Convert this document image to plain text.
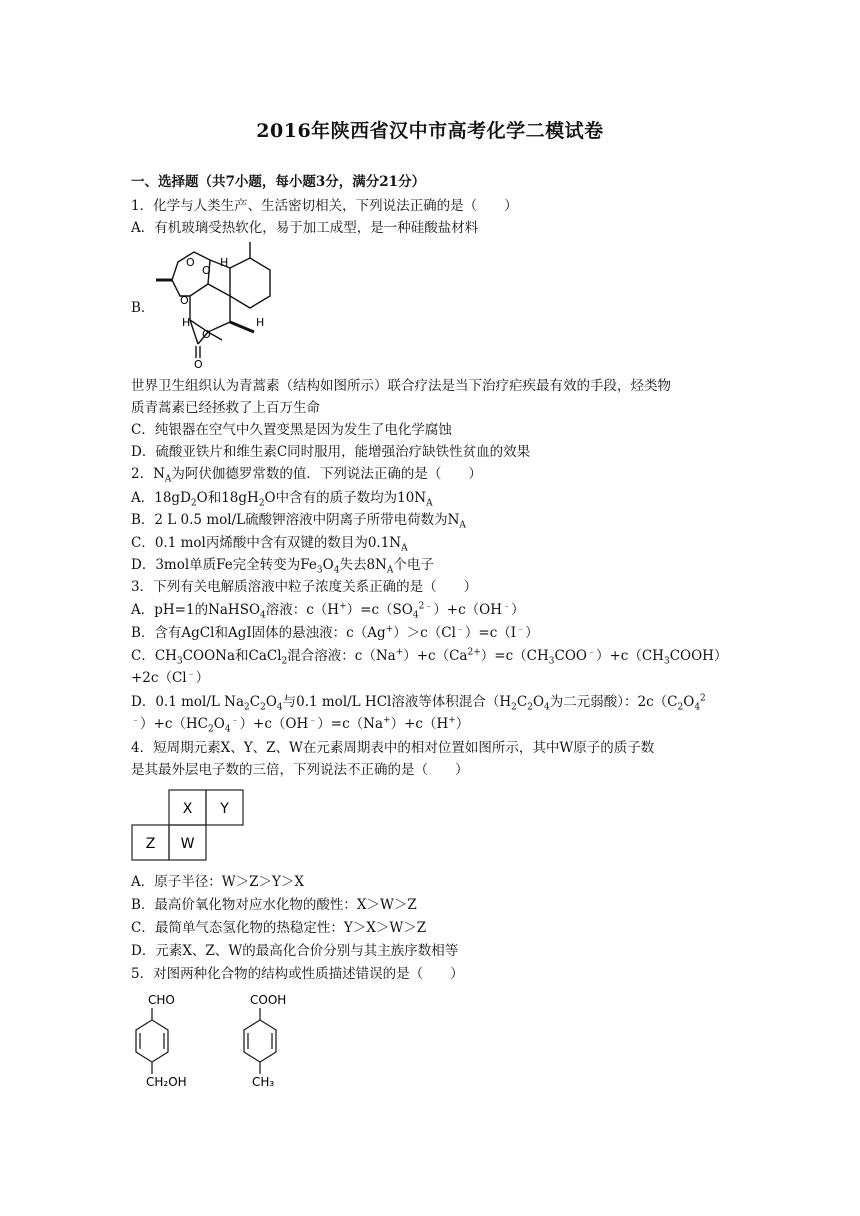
2016年陕西省汉中市高考化学二模试卷
一、选择题（共7小题，每小题3分，满分21分）
1．化学与人类生产、生活密切相关，下列说法正确的是（　　）
A．有机玻璃受热软化，易于加工成型，是一种硅酸盐材料
B．
H
H	H
O
O
O
O
O
世界卫生组织认为青蒿素（结构如图所示）联合疗法是当下治疗疟疾最有效的手段，烃类物
质青蒿素已经拯救了上百万生命
C．纯银器在空气中久置变黑是因为发生了电化学腐蚀
D．硫酸亚铁片和维生素C同时服用，能增强治疗缺铁性贫血的效果
2．$N_A$为阿伏伽德罗常数的值．下列说法正确的是（　　）
A．$18gD_2O$和$18gH_2O$中含有的质子数均为$10N_A$
B．2 L 0.5 mol/L硫酸钾溶液中阴离子所带电荷数为$N_A$
C．0.1 mol丙烯酸中含有双键的数目为$0.1N_A$
D．3mol单质Fe完全转变为$Fe_3O_4$失去$8N_A$个电子
3．下列有关电解质溶液中粒子浓度关系正确的是（　　）
A．pH=1的NaHSO$_4$溶液：$c(H^+)=c(SO_4^{2﹣})+c(OH^﹣)$
B．含有AgCl和AgI固体的悬浊液：c（Ag+）＞c（Cl﹣）=c（I﹣）
C．$CH_3COONa$和CaCl$_2$混合溶液：$c(Na^+)+c(Ca^{2+})=c(CH_3COO^﹣)+c(CH_3COOH)$
+2c（Cl﹣）
D．0.1 mol/L $Na_2C_2O_4$与0.1 mol/L HCl溶液等体积混合（$H_2C_2O_4$为二元弱酸）：$2c(C_2O_4^2$
$^﹣)+c(HC_2O_4^﹣)+c(OH^﹣)=c(Na^+)+c(H^+)$
4．短周期元素X、Y、Z、W在元素周期表中的相对位置如图所示，其中W原子的质子数
是其最外层电子数的三倍，下列说法不正确的是（　　）
X Y
Z W
A．原子半径：W＞Z＞Y＞X
B．最高价氧化物对应水化物的酸性：X＞W＞Z
C．最简单气态氢化物的热稳定性：Y＞X＞W＞Z
D．元素X、Z、W的最高化合价分别与其主族序数相等
5．对图两种化合物的结构或性质描述错误的是（　　）
CHO
CH₂OH
COOH
CH₃
